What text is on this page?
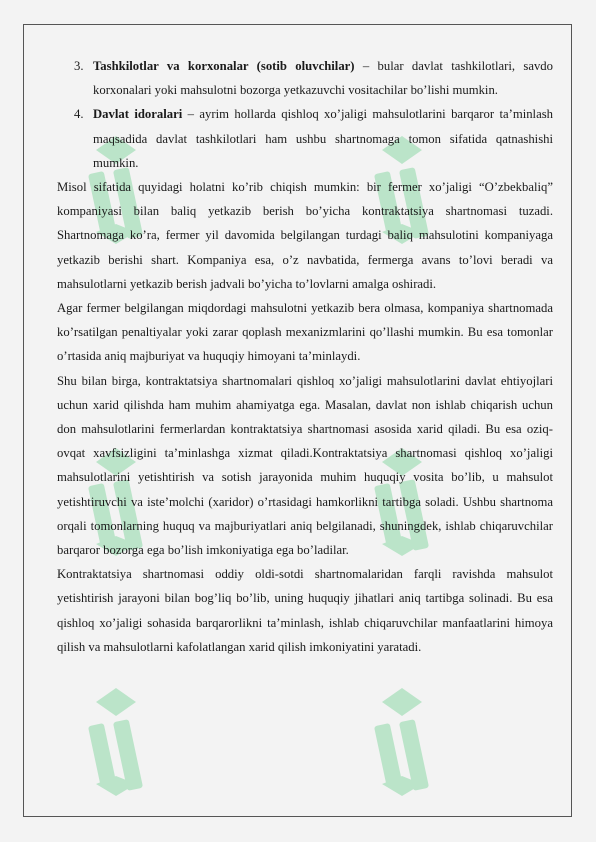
3. Tashkilotlar va korxonalar (sotib oluvchilar) – bular davlat tashkilotlari, savdo korxonalari yoki mahsulotni bozorga yetkazuvchi vositachilar bo’lishi mumkin.
4. Davlat idoralari – ayrim hollarda qishloq xo’jaligi mahsulotlarini barqaror ta’minlash maqsadida davlat tashkilotlari ham ushbu shartnomaga tomon sifatida qatnashishi mumkin.

Misol sifatida quyidagi holatni ko’rib chiqish mumkin: bir fermer xo’jaligi “O’zbekbaliq” kompaniyasi bilan baliq yetkazib berish bo’yicha kontraktatsiya shartnomasi tuzadi. Shartnomaga ko’ra, fermer yil davomida belgilangan turdagi baliq mahsulotini kompaniyaga yetkazib berishi shart. Kompaniya esa, o’z navbatida, fermerga avans to’lovi beradi va mahsulotlarni yetkazib berish jadvali bo’yicha to’lovlarni amalga oshiradi.

Agar fermer belgilangan miqdordagi mahsulotni yetkazib bera olmasa, kompaniya shartnomada ko’rsatilgan penaltiyalar yoki zarar qoplash mexanizmlarini qo’llashi mumkin. Bu esa tomonlar o’rtasida aniq majburiyat va huquqiy himoyani ta’minlaydi.

Shu bilan birga, kontraktatsiya shartnomalari qishloq xo’jaligi mahsulotlarini davlat ehtiyojlari uchun xarid qilishda ham muhim ahamiyatga ega. Masalan, davlat non ishlab chiqarish uchun don mahsulotlarini fermerlardan kontraktatsiya shartnomasi asosida xarid qiladi. Bu esa oziq-ovqat xavfsizligini ta’minlashga xizmat qiladi.Kontraktatsiya shartnomasi qishloq xo’jaligi mahsulotlarini yetishtirish va sotish jarayonida muhim huquqiy vosita bo’lib, u mahsulot yetishtiruvchi va iste’molchi (xaridor) o’rtasidagi hamkorlikni tartibga soladi. Ushbu shartnoma orqali tomonlarning huquq va majburiyatlari aniq belgilanadi, shuningdek, ishlab chiqaruvchilar barqaror bozorga ega bo’lish imkoniyatiga ega bo’ladilar.

Kontraktatsiya shartnomasi oddiy oldi-sotdi shartnomalaridan farqli ravishda mahsulot yetishtirish jarayoni bilan bog’liq bo’lib, uning huquqiy jihatlari aniq tartibga solinadi. Bu esa qishloq xo’jaligi sohasida barqarorlikni ta’minlash, ishlab chiqaruvchilar manfaatlarini himoya qilish va mahsulotlarni kafolatlangan xarid qilish imkoniyatini yaratadi.
